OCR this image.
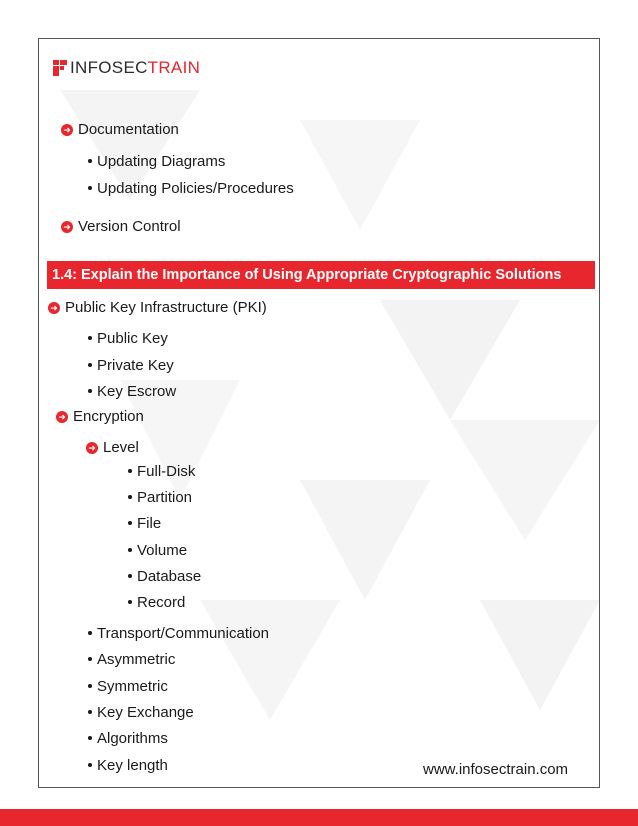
INFOSECTRAIN
➜ Documentation
Updating Diagrams
Updating Policies/Procedures
➜ Version Control
1.4: Explain the Importance of Using Appropriate Cryptographic Solutions
➜ Public Key Infrastructure (PKI)
Public Key
Private Key
Key Escrow
➜ Encryption
➜ Level
Full-Disk
Partition
File
Volume
Database
Record
Transport/Communication
Asymmetric
Symmetric
Key Exchange
Algorithms
Key length	www.infosectrain.com
